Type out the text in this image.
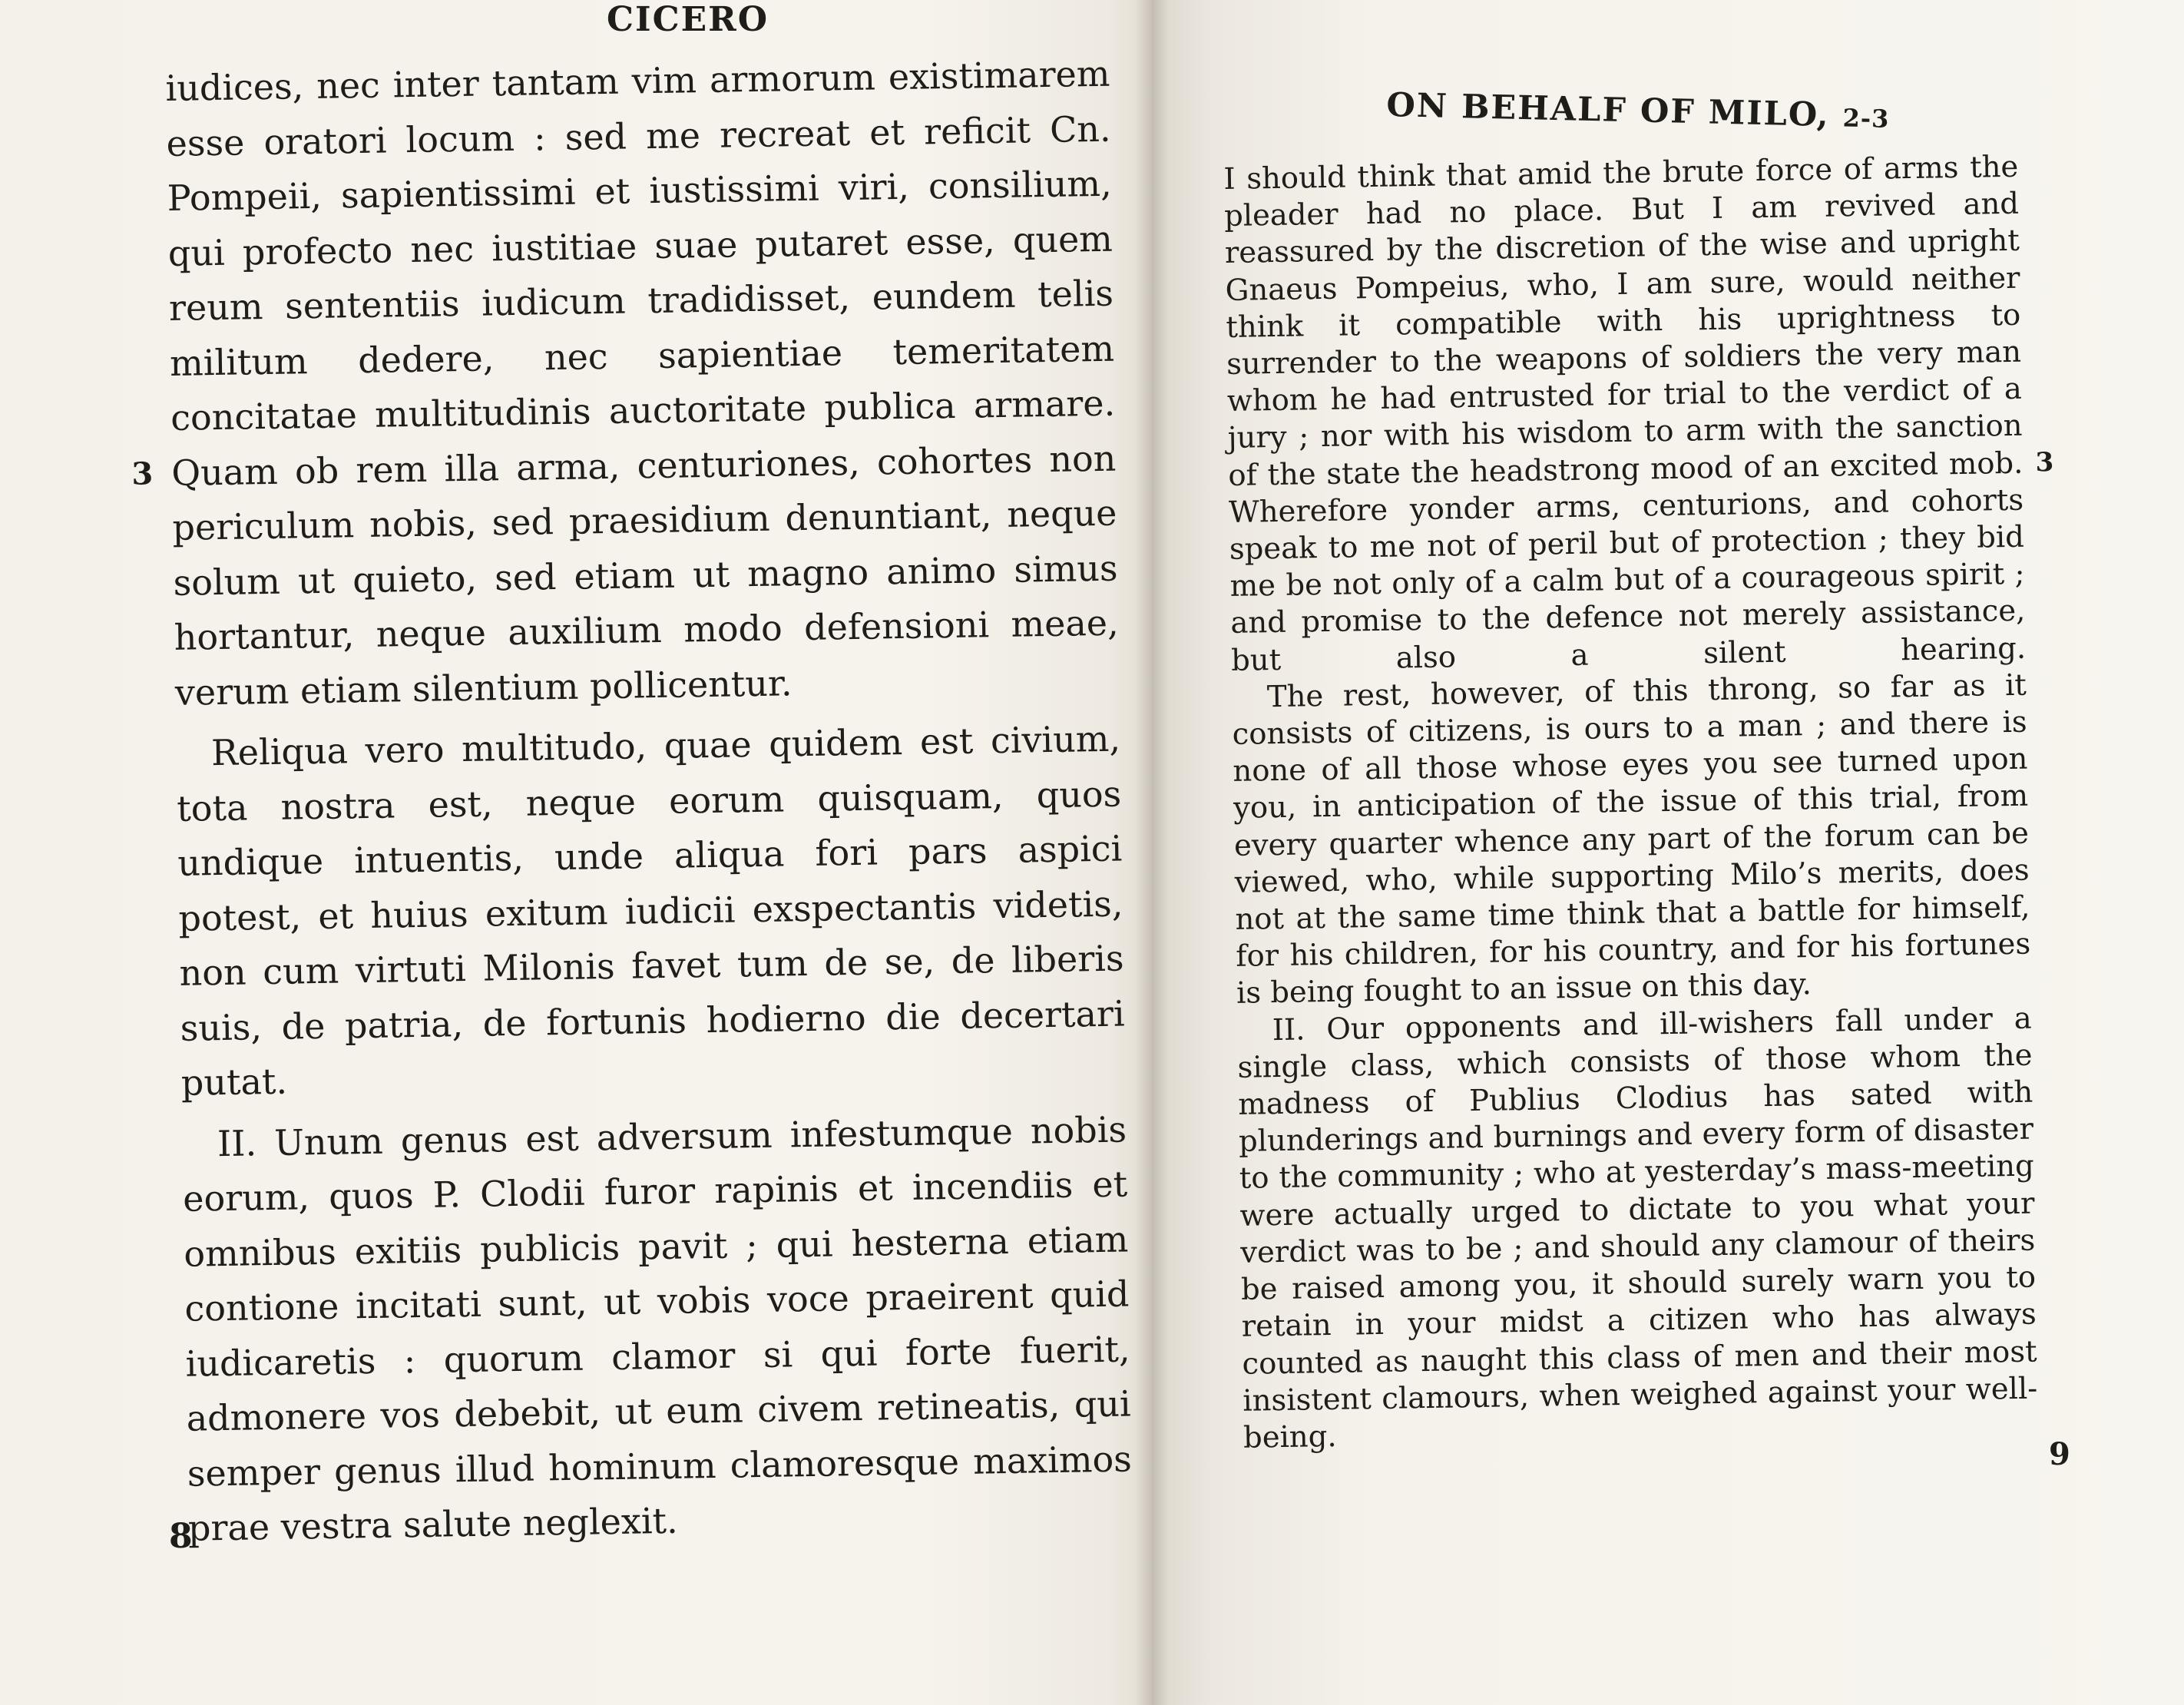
CICERO

iudices, nec inter tantam vim armorum existimarem esse oratori locum : sed me recreat et reficit Cn. Pompeii, sapientissimi et iustissimi viri, consilium, qui profecto nec iustitiae suae putaret esse, quem reum sententiis iudicum tradidisset, eundem telis militum dedere, nec sapientiae temeritatem concitatae multitudinis auctoritate publica armare.

3 Quam ob rem illa arma, centuriones, cohortes non periculum nobis, sed praesidium denuntiant, neque solum ut quieto, sed etiam ut magno animo simus hortantur, neque auxilium modo defensioni meae, verum etiam silentium pollicentur.

Reliqua vero multitudo, quae quidem est civium, tota nostra est, neque eorum quisquam, quos undique intuentis, unde aliqua fori pars aspici potest, et huius exitum iudicii exspectantis videtis, non cum virtuti Milonis favet tum de se, de liberis suis, de patria, de fortunis hodierno die decertari putat.

II. Unum genus est adversum infestumque nobis eorum, quos P. Clodii furor rapinis et incendiis et omnibus exitiis publicis pavit ; qui hesterna etiam contione incitati sunt, ut vobis voce praeirent quid iudicaretis : quorum clamor si qui forte fuerit, admonere vos debebit, ut eum civem retineatis, qui semper genus illud hominum clamoresque maximos prae vestra salute neglexit.

8
ON BEHALF OF MILO, 2-3

I should think that amid the brute force of arms the pleader had no place. But I am revived and reassured by the discretion of the wise and upright Gnaeus Pompeius, who, I am sure, would neither think it compatible with his uprightness to surrender to the weapons of soldiers the very man whom he had entrusted for trial to the verdict of a jury ; nor with his wisdom to arm with the sanction of the state the headstrong mood of an excited mob. Wherefore yonder arms, centurions, and cohorts speak to me not of peril but of protection ; they bid me be not only of a calm but of a courageous spirit ; and promise to the defence not merely assistance, but also a silent hearing.
3

The rest, however, of this throng, so far as it consists of citizens, is ours to a man ; and there is none of all those whose eyes you see turned upon you, in anticipation of the issue of this trial, from every quarter whence any part of the forum can be viewed, who, while supporting Milo’s merits, does not at the same time think that a battle for himself, for his children, for his country, and for his fortunes is being fought to an issue on this day.

II. Our opponents and ill-wishers fall under a single class, which consists of those whom the madness of Publius Clodius has sated with plunderings and burnings and every form of disaster to the community ; who at yesterday’s mass-meeting were actually urged to dictate to you what your verdict was to be ; and should any clamour of theirs be raised among you, it should surely warn you to retain in your midst a citizen who has always counted as naught this class of men and their most insistent clamours, when weighed against your well-being.	9
